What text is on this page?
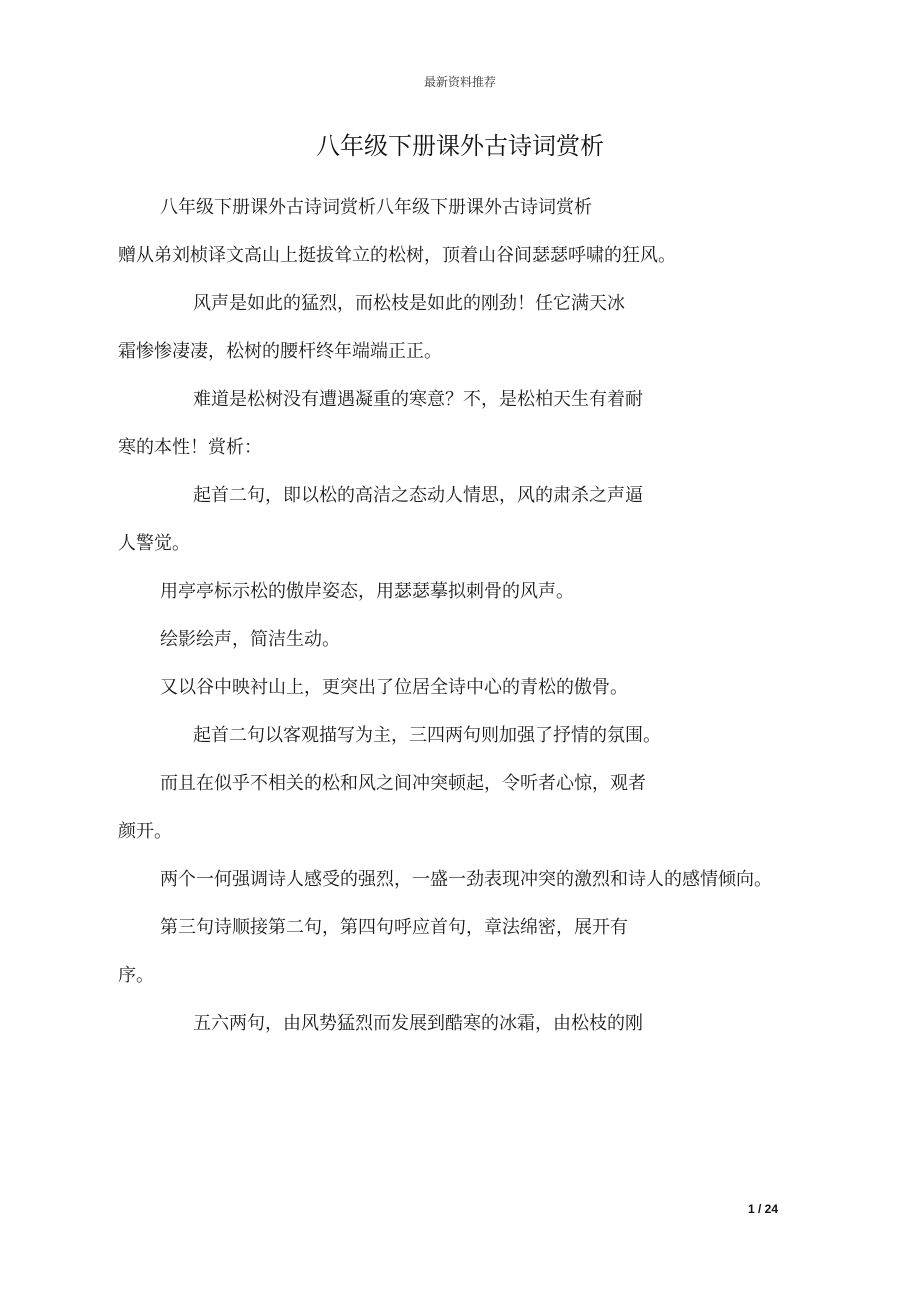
最新资料推荐
八年级下册课外古诗词赏析
八年级下册课外古诗词赏析八年级下册课外古诗词赏析
赠从弟刘桢译文高山上挺拔耸立的松树，顶着山谷间瑟瑟呼啸的狂风。
风声是如此的猛烈，而松枝是如此的刚劲！任它满天冰
霜惨惨凄凄，松树的腰杆终年端端正正。
难道是松树没有遭遇凝重的寒意？不，是松柏天生有着耐
寒的本性！赏析：
起首二句，即以松的高洁之态动人情思，风的肃杀之声逼
人警觉。
用亭亭标示松的傲岸姿态，用瑟瑟摹拟刺骨的风声。
绘影绘声，简洁生动。
又以谷中映衬山上，更突出了位居全诗中心的青松的傲骨。
起首二句以客观描写为主，三四两句则加强了抒情的氛围。
而且在似乎不相关的松和风之间冲突顿起，令听者心惊，观者
颜开。
两个一何强调诗人感受的强烈，一盛一劲表现冲突的激烈和诗人的感情倾向。
第三句诗顺接第二句，第四句呼应首句，章法绵密，展开有
序。
五六两句，由风势猛烈而发展到酷寒的冰霜，由松枝的刚
1 / 24
